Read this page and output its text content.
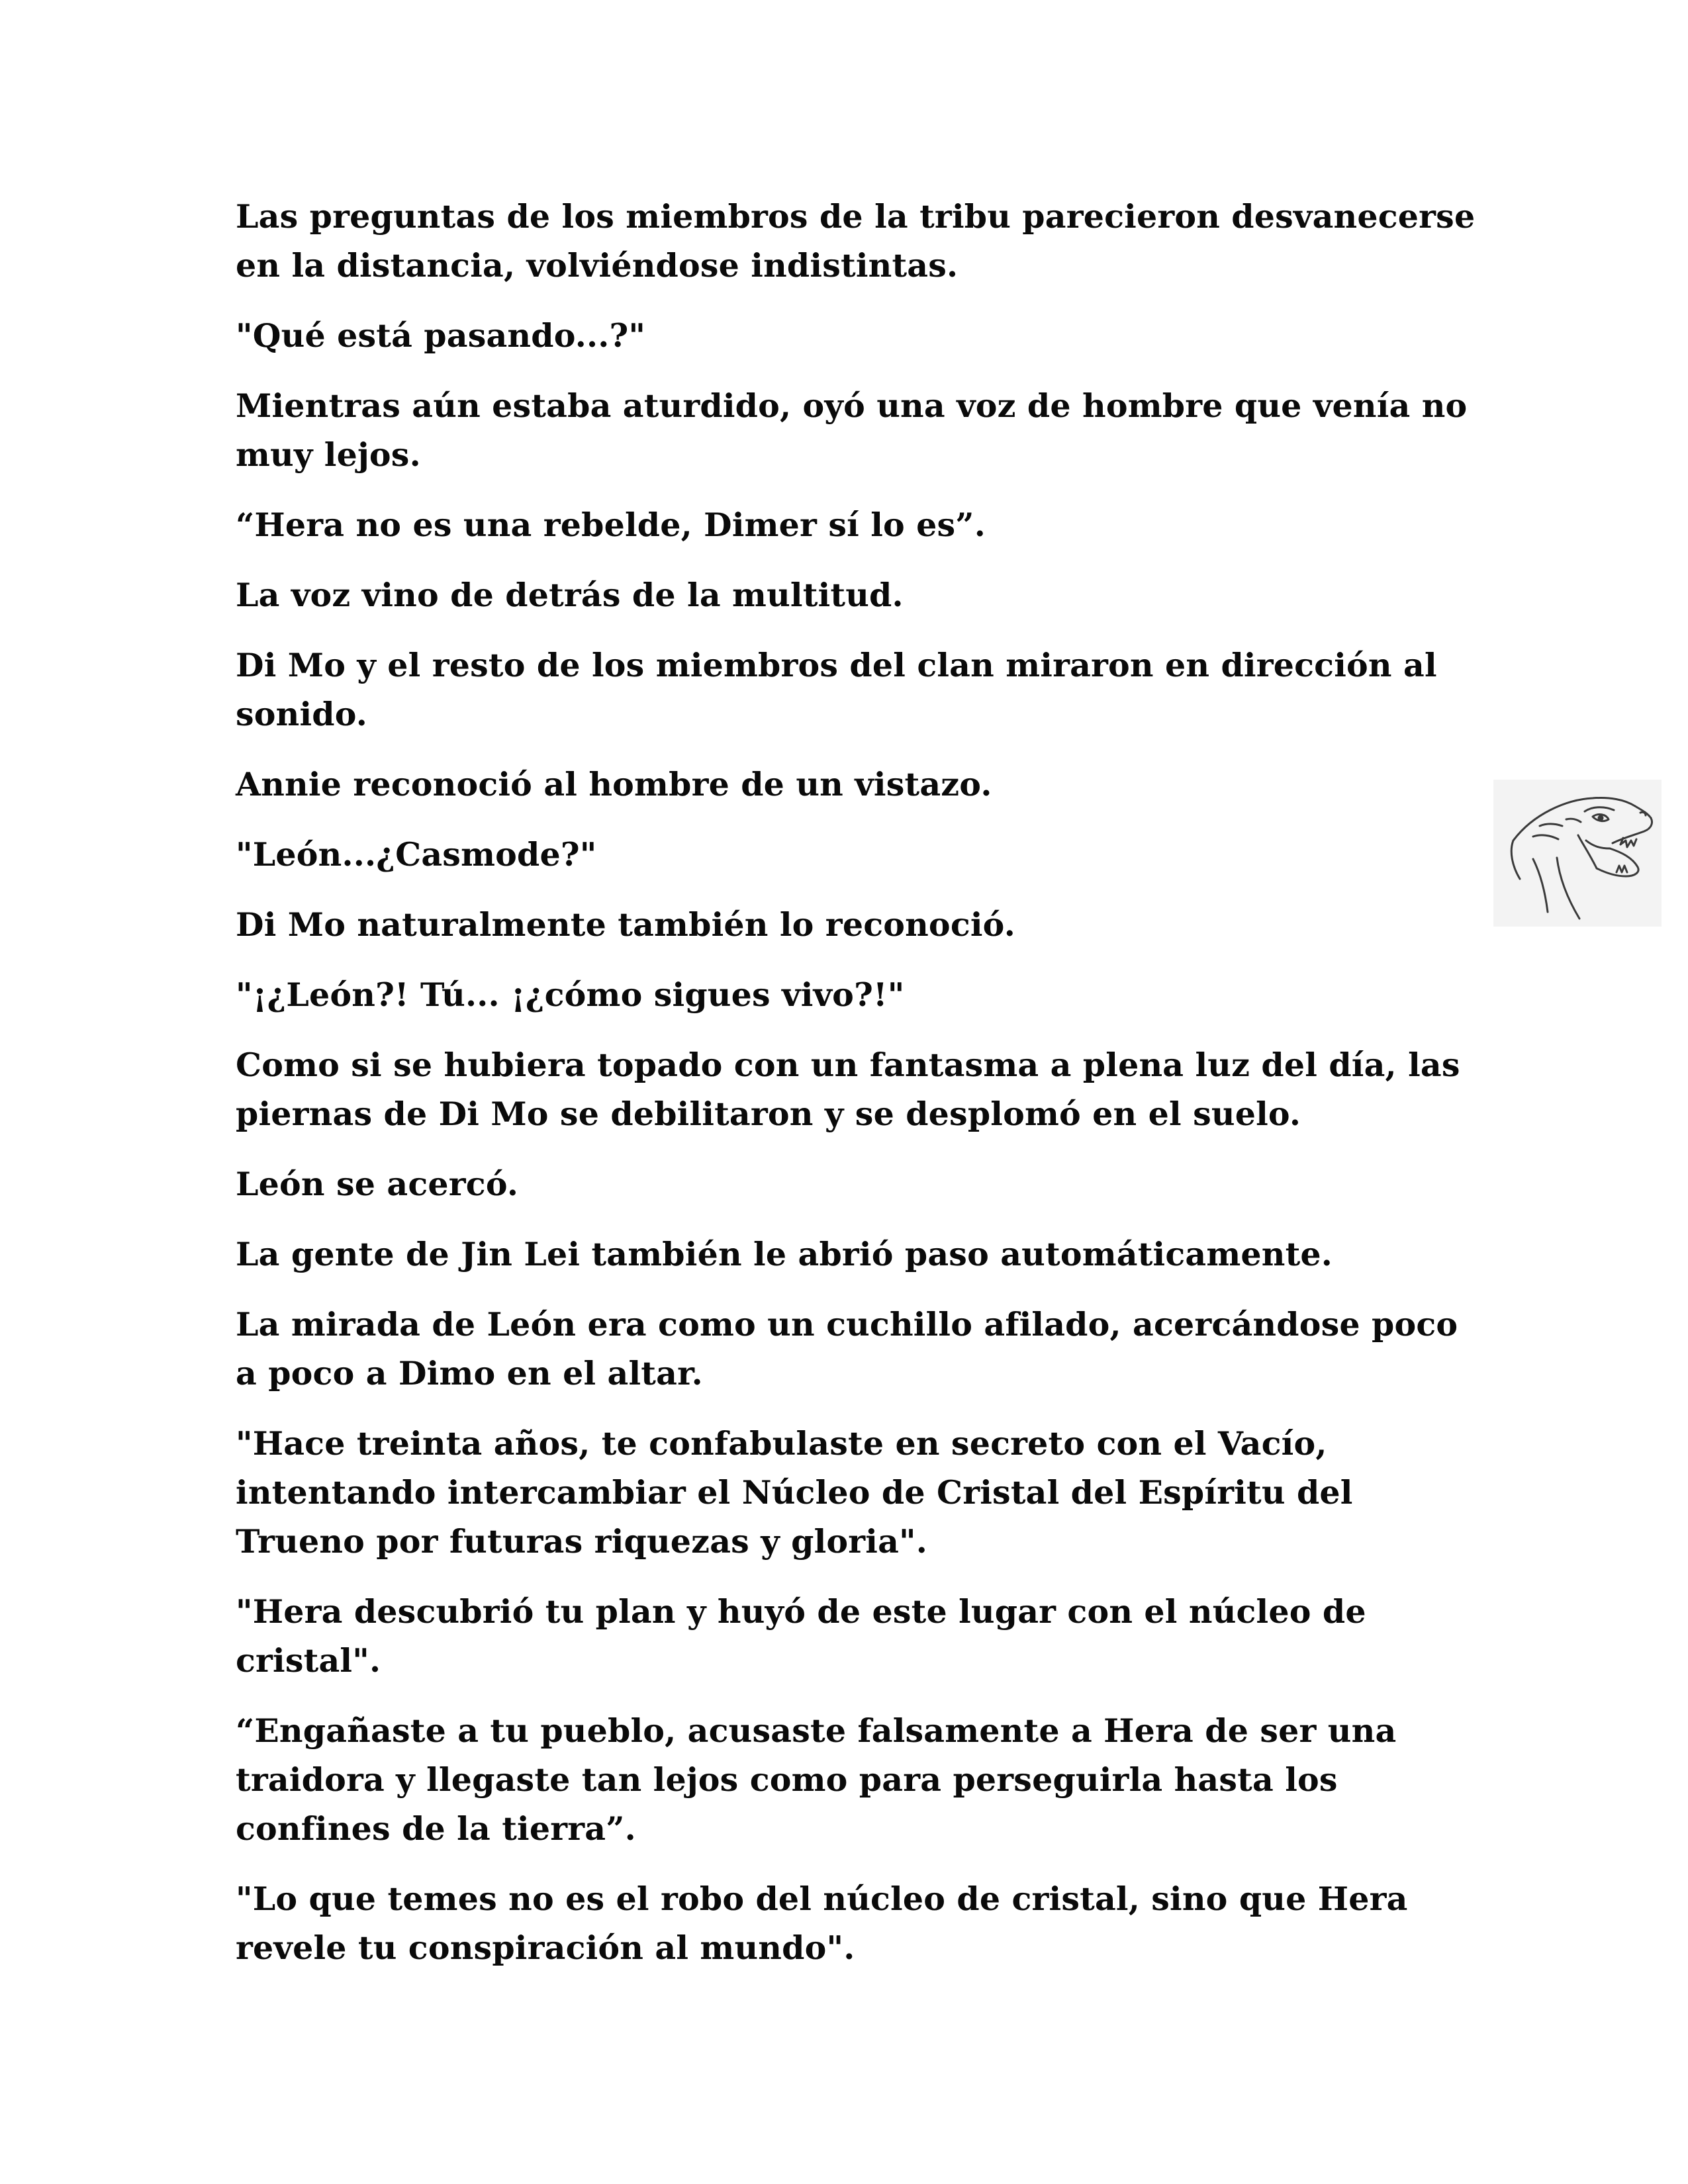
Las preguntas de los miembros de la tribu parecieron desvanecerse en la distancia, volviéndose indistintas.

"Qué está pasando...?"

Mientras aún estaba aturdido, oyó una voz de hombre que venía no muy lejos.

“Hera no es una rebelde, Dimer sí lo es”.

La voz vino de detrás de la multitud.

Di Mo y el resto de los miembros del clan miraron en dirección al sonido.

Annie reconoció al hombre de un vistazo.

"León...¿Casmode?"

Di Mo naturalmente también lo reconoció.

"¡¿León?! Tú... ¡¿cómo sigues vivo?!"

Como si se hubiera topado con un fantasma a plena luz del día, las piernas de Di Mo se debilitaron y se desplomó en el suelo.

León se acercó.

La gente de Jin Lei también le abrió paso automáticamente.

La mirada de León era como un cuchillo afilado, acercándose poco a poco a Dimo en el altar.

"Hace treinta años, te confabulaste en secreto con el Vacío, intentando intercambiar el Núcleo de Cristal del Espíritu del Trueno por futuras riquezas y gloria".

"Hera descubrió tu plan y huyó de este lugar con el núcleo de cristal".

“Engañaste a tu pueblo, acusaste falsamente a Hera de ser una traidora y llegaste tan lejos como para perseguirla hasta los confines de la tierra”.

"Lo que temes no es el robo del núcleo de cristal, sino que Hera revele tu conspiración al mundo".
